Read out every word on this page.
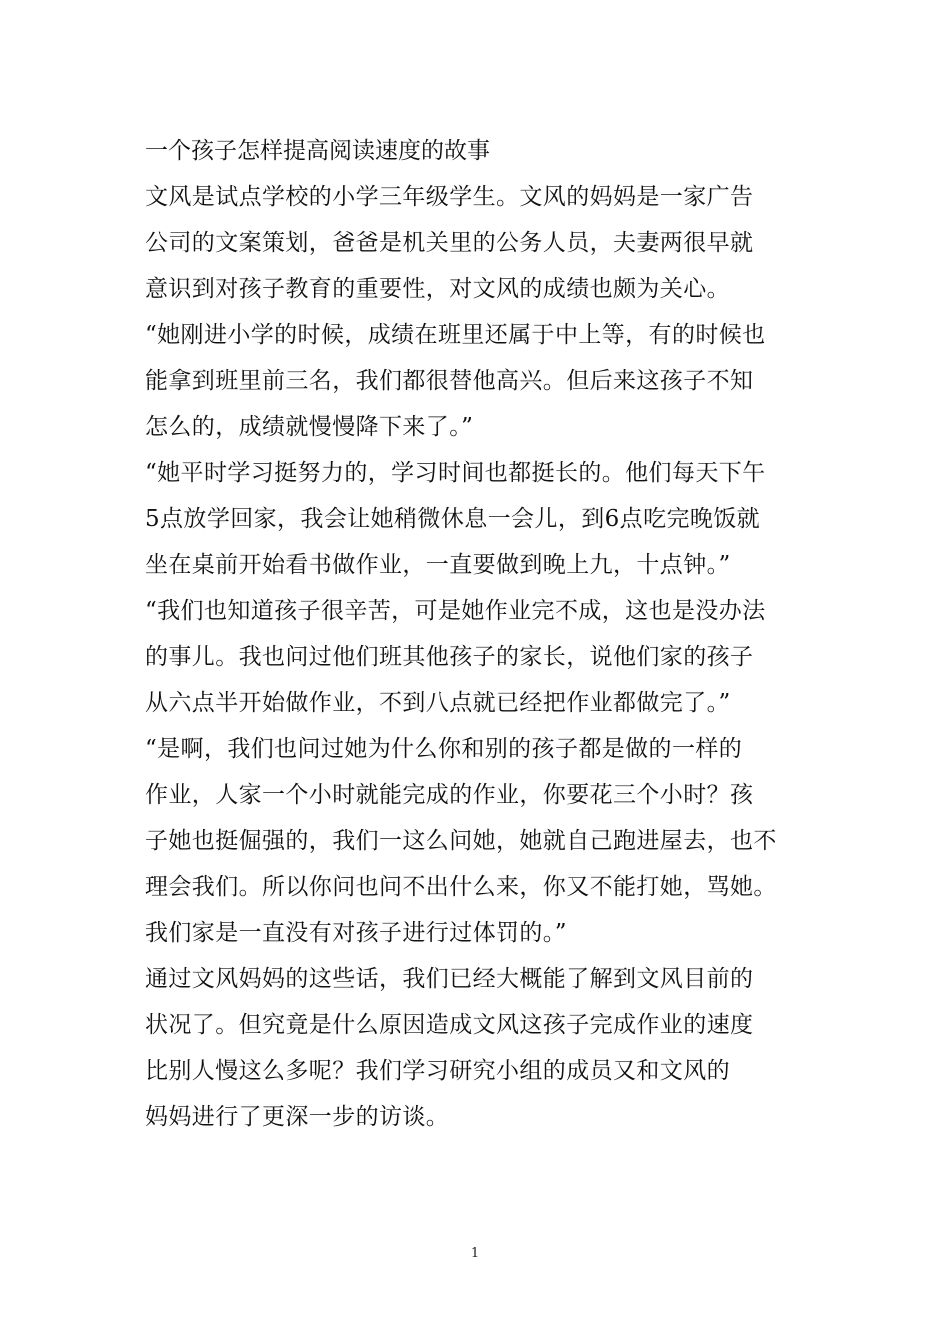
一个孩子怎样提高阅读速度的故事
文风是试点学校的小学三年级学生。文风的妈妈是一家广告
公司的文案策划，爸爸是机关里的公务人员，夫妻两很早就
意识到对孩子教育的重要性，对文风的成绩也颇为关心。
“她刚进小学的时候，成绩在班里还属于中上等，有的时候也
能拿到班里前三名，我们都很替他高兴。但后来这孩子不知
怎么的，成绩就慢慢降下来了。”
“她平时学习挺努力的，学习时间也都挺长的。他们每天下午
5点放学回家，我会让她稍微休息一会儿，到6点吃完晚饭就
坐在桌前开始看书做作业，一直要做到晚上九，十点钟。”
“我们也知道孩子很辛苦，可是她作业完不成，这也是没办法
的事儿。我也问过他们班其他孩子的家长，说他们家的孩子
从六点半开始做作业，不到八点就已经把作业都做完了。”
“是啊，我们也问过她为什么你和别的孩子都是做的一样的
作业，人家一个小时就能完成的作业，你要花三个小时？孩
子她也挺倔强的，我们一这么问她，她就自己跑进屋去，也不
理会我们。所以你问也问不出什么来，你又不能打她，骂她。
我们家是一直没有对孩子进行过体罚的。”
通过文风妈妈的这些话，我们已经大概能了解到文风目前的
状况了。但究竟是什么原因造成文风这孩子完成作业的速度
比别人慢这么多呢？我们学习研究小组的成员又和文风的
妈妈进行了更深一步的访谈。
1
